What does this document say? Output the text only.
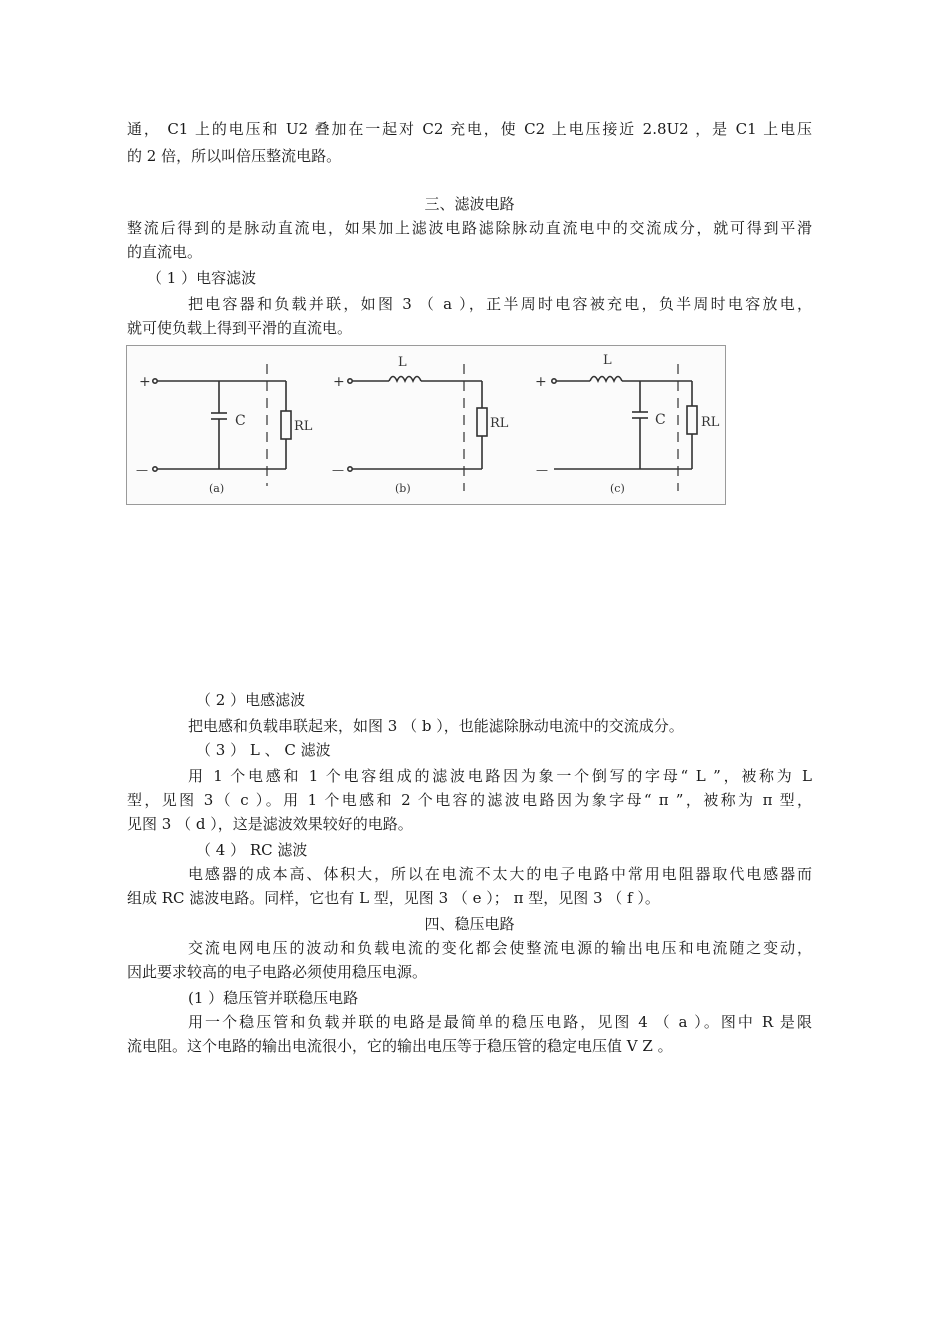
通， C1 上的电压和 U2 叠加在一起对 C2 充电，使 C2 上电压接近 2.8U2 ，是 C1 上电压
的 2 倍，所以叫倍压整流电路。
三、滤波电路
整流后得到的是脉动直流电，如果加上滤波电路滤除脉动直流电中的交流成分，就可得到平滑
的直流电。
（ 1 ）电容滤波
把电容器和负载并联，如图 3 （ a ），正半周时电容被充电，负半周时电容放电，
就可使负载上得到平滑的直流电。
+
—
C	RL
(a)
+
—
L
RL
(b)
+
—
L
C	RL
(c)
（ 2 ）电感滤波
把电感和负载串联起来，如图 3 （ b ），也能滤除脉动电流中的交流成分。
（ 3 ） L 、 C 滤波
用 1 个电感和 1 个电容组成的滤波电路因为象一个倒写的字母“ L ”，被称为 L
型，见图 3（ c ）。用 1 个电感和 2 个电容的滤波电路因为象字母“ π ”，被称为 π 型，
见图 3 （ d ），这是滤波效果较好的电路。
（ 4 ） RC 滤波
电感器的成本高、体积大，所以在电流不太大的电子电路中常用电阻器取代电感器而
组成 RC 滤波电路。同样，它也有 L 型，见图 3 （ e ）； π 型，见图 3 （ f ）。
四、稳压电路
交流电网电压的波动和负载电流的变化都会使整流电源的输出电压和电流随之变动，
因此要求较高的电子电路必须使用稳压电源。
(1 ）稳压管并联稳压电路
用一个稳压管和负载并联的电路是最简单的稳压电路，见图 4 （ a ）。图中 R 是限
流电阻。这个电路的输出电流很小，它的输出电压等于稳压管的稳定电压值 V Z 。
